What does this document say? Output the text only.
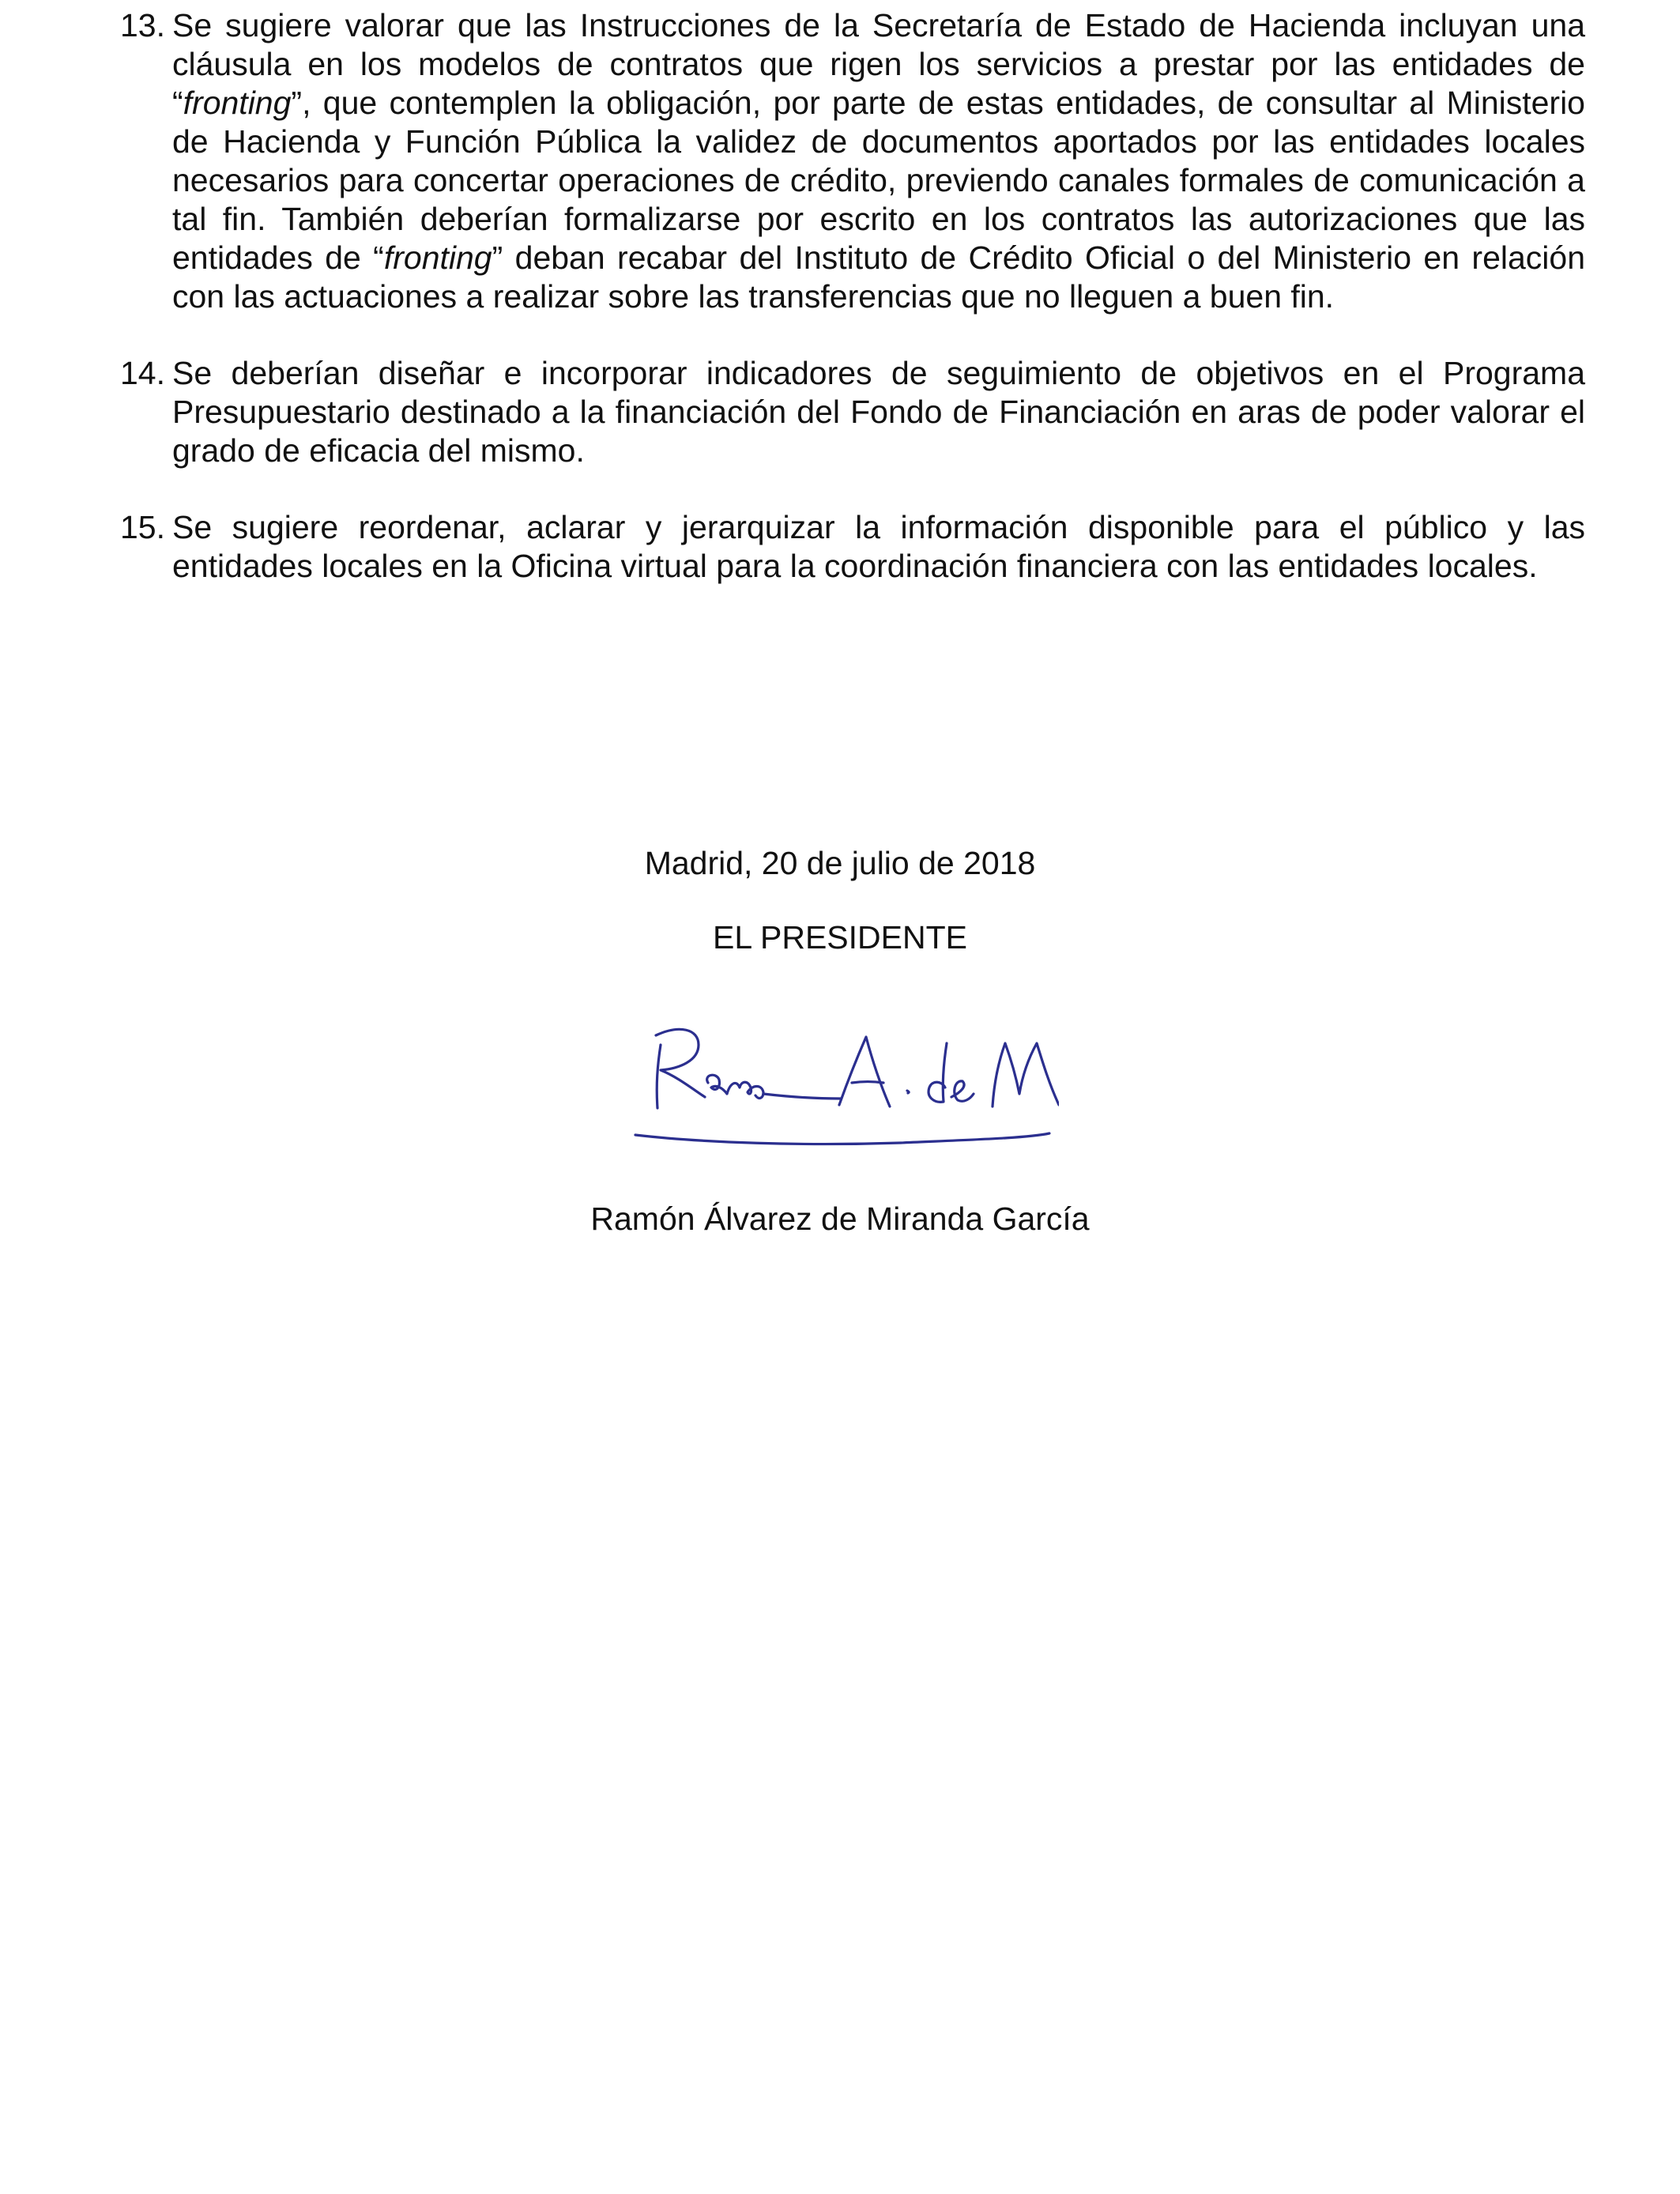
13. Se sugiere valorar que las Instrucciones de la Secretaría de Estado de Hacienda incluyan una cláusula en los modelos de contratos que rigen los servicios a prestar por las entidades de “fronting”, que contemplen la obligación, por parte de estas entidades, de consultar al Ministerio de Hacienda y Función Pública la validez de documentos aportados por las entidades locales necesarios para concertar operaciones de crédito, previendo canales formales de comunicación a tal fin. También deberían formalizarse por escrito en los contratos las autorizaciones que las entidades de “fronting” deban recabar del Instituto de Crédito Oficial o del Ministerio en relación con las actuaciones a realizar sobre las transferencias que no lleguen a buen fin.
14. Se deberían diseñar e incorporar indicadores de seguimiento de objetivos en el Programa Presupuestario destinado a la financiación del Fondo de Financiación en aras de poder valorar el grado de eficacia del mismo.
15. Se sugiere reordenar, aclarar y jerarquizar la información disponible para el público y las entidades locales en la Oficina virtual para la coordinación financiera con las entidades locales.
Madrid, 20 de julio de 2018
EL PRESIDENTE
Ramón Álvarez de Miranda García
